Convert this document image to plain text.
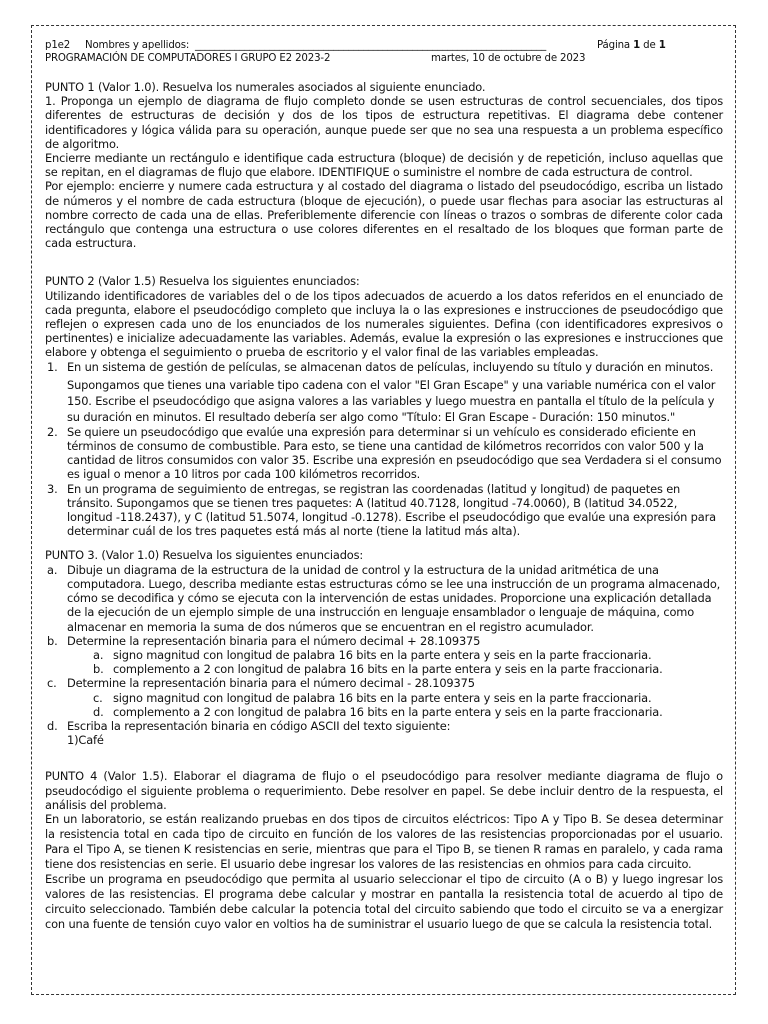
p1e2 Nombres y apellidos: _______________________________________________________________________	Página 1 de 1
PROGRAMACIÓN DE COMPUTADORES I GRUPO E2 2023-2	martes, 10 de octubre de 2023

PUNTO 1 (Valor 1.0). Resuelva los numerales asociados al siguiente enunciado.

1. Proponga un ejemplo de diagrama de flujo completo donde se usen estructuras de control secuenciales, dos tipos diferentes de estructuras de decisión y dos de los tipos de estructura repetitivas. El diagrama debe contener identificadores y lógica válida para su operación, aunque puede ser que no sea una respuesta a un problema específico de algoritmo.

Encierre mediante un rectángulo e identifique cada estructura (bloque) de decisión y de repetición, incluso aquellas que se repitan, en el diagramas de flujo que elabore. IDENTIFIQUE o suministre el nombre de cada estructura de control.

Por ejemplo: encierre y numere cada estructura y al costado del diagrama o listado del pseudocódigo, escriba un listado de números y el nombre de cada estructura (bloque de ejecución), o puede usar flechas para asociar las estructuras al nombre correcto de cada una de ellas. Preferiblemente diferencie con líneas o trazos o sombras de diferente color cada rectángulo que contenga una estructura o use colores diferentes en el resaltado de los bloques que forman parte de cada estructura.

PUNTO 2 (Valor 1.5) Resuelva los siguientes enunciados:

Utilizando identificadores de variables del o de los tipos adecuados de acuerdo a los datos referidos en el enunciado de cada pregunta, elabore el pseudocódigo completo que incluya la o las expresiones e instrucciones de pseudocódigo que reflejen o expresen cada uno de los enunciados de los numerales siguientes. Defina (con identificadores expresivos o pertinentes) e inicialize adecuadamente las variables. Además, evalue la expresión o las expresiones e instrucciones que elabore y obtenga el seguimiento o prueba de escritorio y el valor final de las variables empleadas.

1. En un sistema de gestión de películas, se almacenan datos de películas, incluyendo su título y duración en minutos.
Supongamos que tienes una variable tipo cadena con el valor "El Gran Escape" y una variable numérica con el valor 150. Escribe el pseudocódigo que asigna valores a las variables y luego muestra en pantalla el título de la película y su duración en minutos. El resultado debería ser algo como "Título: El Gran Escape - Duración: 150 minutos."
2. Se quiere un pseudocódigo que evalúe una expresión para determinar si un vehículo es considerado eficiente en términos de consumo de combustible. Para esto, se tiene una cantidad de kilómetros recorridos con valor 500 y la cantidad de litros consumidos con valor 35. Escribe una expresión en pseudocódigo que sea Verdadera si el consumo es igual o menor a 10 litros por cada 100 kilómetros recorridos.
3. En un programa de seguimiento de entregas, se registran las coordenadas (latitud y longitud) de paquetes en tránsito. Supongamos que se tienen tres paquetes: A (latitud 40.7128, longitud -74.0060), B (latitud 34.0522, longitud -118.2437), y C (latitud 51.5074, longitud -0.1278). Escribe el pseudocódigo que evalúe una expresión para determinar cuál de los tres paquetes está más al norte (tiene la latitud más alta).

PUNTO 3. (Valor 1.0) Resuelva los siguientes enunciados:

a. Dibuje un diagrama de la estructura de la unidad de control y la estructura de la unidad aritmética de una computadora. Luego, describa mediante estas estructuras cómo se lee una instrucción de un programa almacenado, cómo se decodifica y cómo se ejecuta con la intervención de estas unidades. Proporcione una explicación detallada de la ejecución de un ejemplo simple de una instrucción en lenguaje ensamblador o lenguaje de máquina, como almacenar en memoria la suma de dos números que se encuentran en el registro acumulador.
b. Determine la representación binaria para el número decimal + 28.109375
a. signo magnitud con longitud de palabra 16 bits en la parte entera y seis en la parte fraccionaria.
b. complemento a 2 con longitud de palabra 16 bits en la parte entera y seis en la parte fraccionaria.
c. Determine la representación binaria para el número decimal - 28.109375
c. signo magnitud con longitud de palabra 16 bits en la parte entera y seis en la parte fraccionaria.
d. complemento a 2 con longitud de palabra 16 bits en la parte entera y seis en la parte fraccionaria.
d. Escriba la representación binaria en código ASCII del texto siguiente:
1)Café

PUNTO 4 (Valor 1.5). Elaborar el diagrama de flujo o el pseudocódigo para resolver mediante diagrama de flujo o pseudocódigo el siguiente problema o requerimiento. Debe resolver en papel. Se debe incluir dentro de la respuesta, el análisis del problema.

En un laboratorio, se están realizando pruebas en dos tipos de circuitos eléctricos: Tipo A y Tipo B. Se desea determinar la resistencia total en cada tipo de circuito en función de los valores de las resistencias proporcionadas por el usuario. Para el Tipo A, se tienen K resistencias en serie, mientras que para el Tipo B, se tienen R ramas en paralelo, y cada rama tiene dos resistencias en serie. El usuario debe ingresar los valores de las resistencias en ohmios para cada circuito.

Escribe un programa en pseudocódigo que permita al usuario seleccionar el tipo de circuito (A o B) y luego ingresar los valores de las resistencias. El programa debe calcular y mostrar en pantalla la resistencia total de acuerdo al tipo de circuito seleccionado. También debe calcular la potencia total del circuito sabiendo que todo el circuito se va a energizar con una fuente de tensión cuyo valor en voltios ha de suministrar el usuario luego de que se calcula la resistencia total.
